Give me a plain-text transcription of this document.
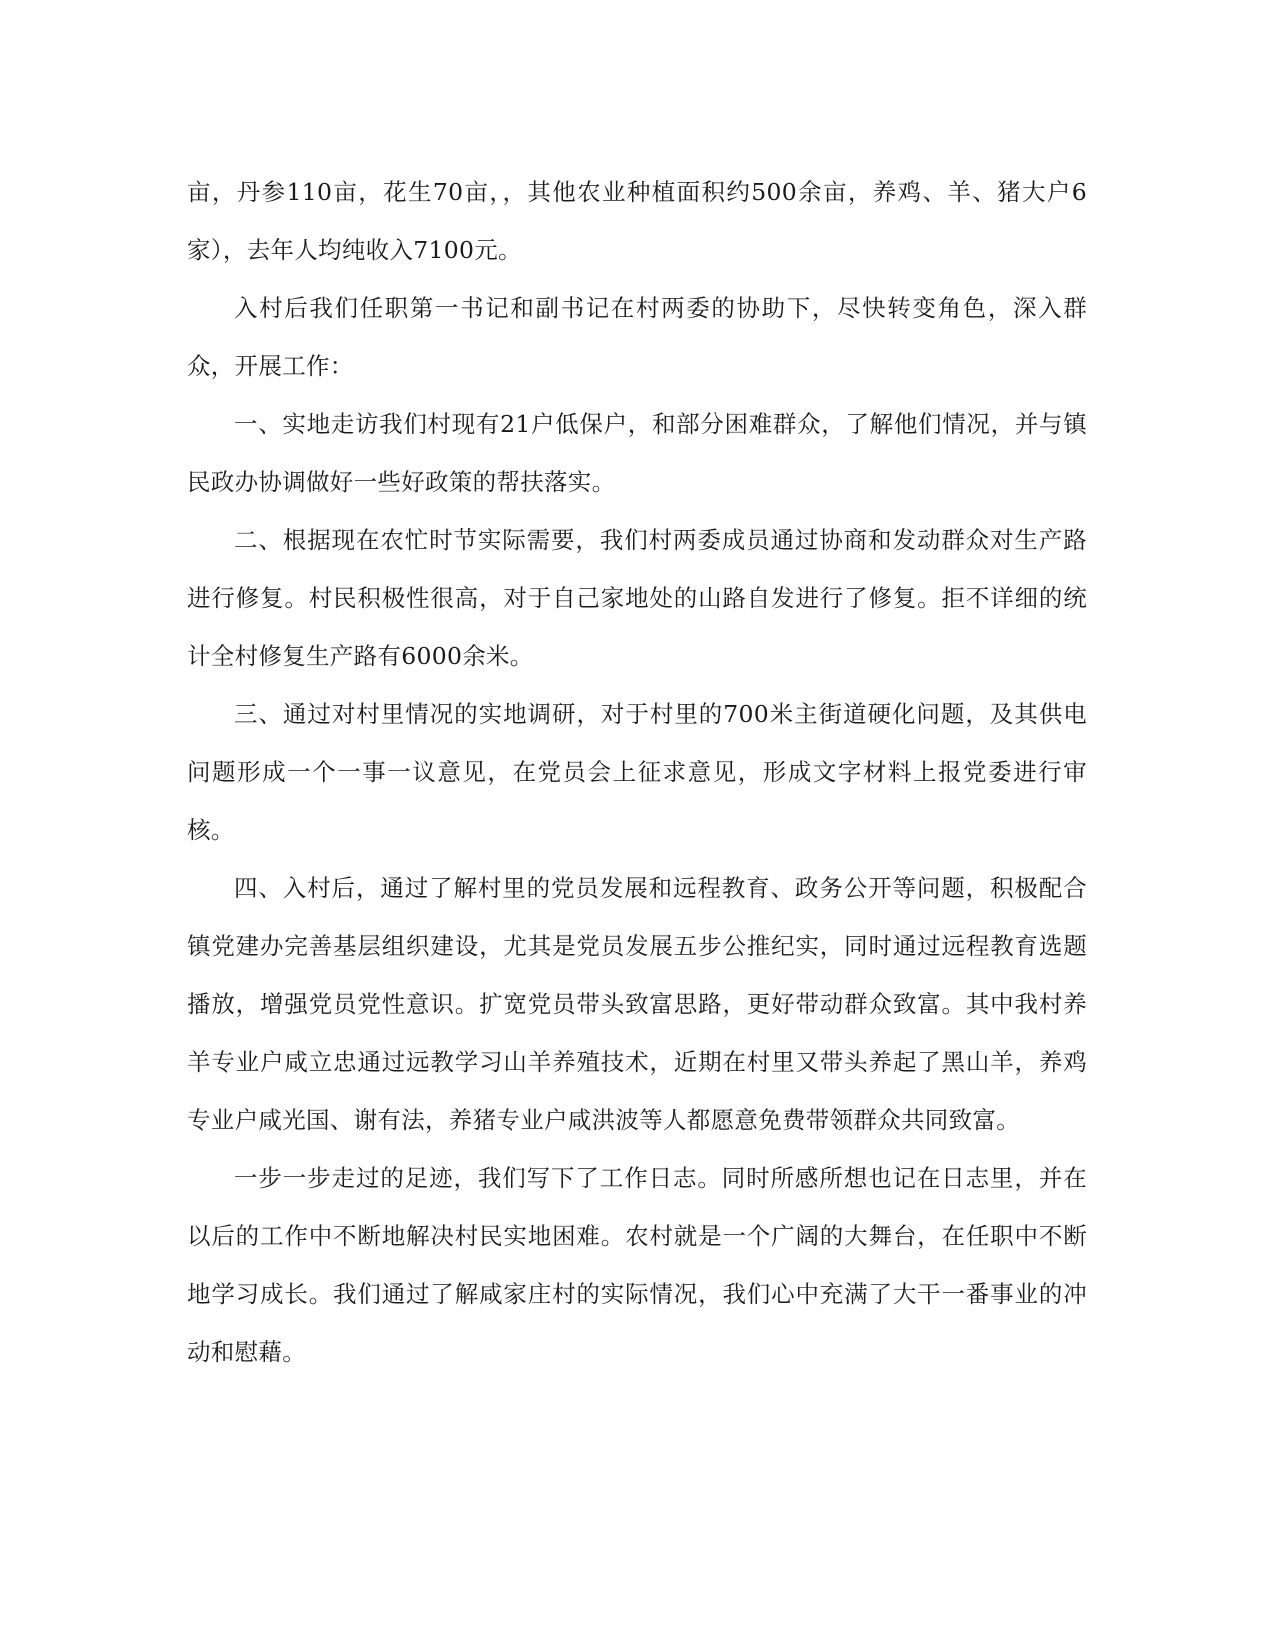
亩，丹参110亩，花生70亩，，其他农业种植面积约500余亩，养鸡、羊、猪大户6家），去年人均纯收入7100元。

入村后我们任职第一书记和副书记在村两委的协助下，尽快转变角色，深入群众，开展工作：

一、实地走访我们村现有21户低保户，和部分困难群众，了解他们情况，并与镇民政办协调做好一些好政策的帮扶落实。

二、根据现在农忙时节实际需要，我们村两委成员通过协商和发动群众对生产路进行修复。村民积极性很高，对于自己家地处的山路自发进行了修复。拒不详细的统计全村修复生产路有6000余米。

三、通过对村里情况的实地调研，对于村里的700米主街道硬化问题，及其供电问题形成一个一事一议意见，在党员会上征求意见，形成文字材料上报党委进行审核。

四、入村后，通过了解村里的党员发展和远程教育、政务公开等问题，积极配合镇党建办完善基层组织建设，尤其是党员发展五步公推纪实，同时通过远程教育选题播放，增强党员党性意识。扩宽党员带头致富思路，更好带动群众致富。其中我村养羊专业户咸立忠通过远教学习山羊养殖技术，近期在村里又带头养起了黑山羊，养鸡专业户咸光国、谢有法，养猪专业户咸洪波等人都愿意免费带领群众共同致富。

一步一步走过的足迹，我们写下了工作日志。同时所感所想也记在日志里，并在以后的工作中不断地解决村民实地困难。农村就是一个广阔的大舞台，在任职中不断地学习成长。我们通过了解咸家庄村的实际情况，我们心中充满了大干一番事业的冲动和慰藉。
